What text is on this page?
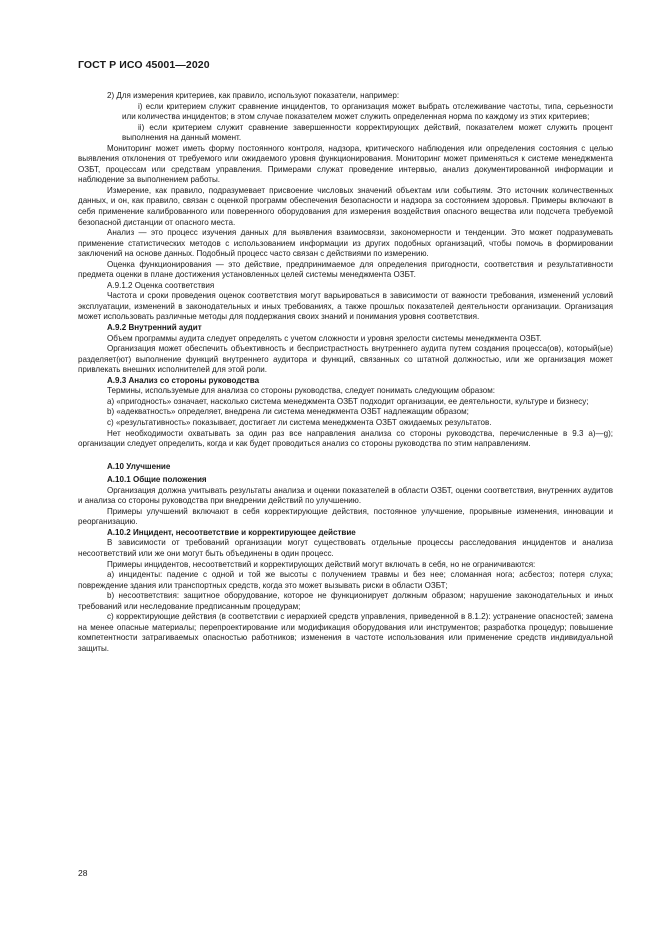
ГОСТ Р ИСО 45001—2020

2) Для измерения критериев, как правило, используют показатели, например:

i) если критерием служит сравнение инцидентов, то организация может выбрать отслеживание частоты, типа, серьезности или количества инцидентов; в этом случае показателем может служить определенная норма по каждому из этих критериев;

ii) если критерием служит сравнение завершенности корректирующих действий, показателем может служить процент выполнения на данный момент.

Мониторинг может иметь форму постоянного контроля, надзора, критического наблюдения или определения состояния с целью выявления отклонения от требуемого или ожидаемого уровня функционирования. Мониторинг может применяться к системе менеджмента ОЗБТ, процессам или средствам управления. Примерами служат проведение интервью, анализ документированной информации и наблюдение за выполнением работы.

Измерение, как правило, подразумевает присвоение числовых значений объектам или событиям. Это источник количественных данных, и он, как правило, связан с оценкой программ обеспечения безопасности и надзора за состоянием здоровья. Примеры включают в себя применение калиброванного или поверенного оборудования для измерения воздействия опасного вещества или подсчета требуемой безопасной дистанции от опасного места.

Анализ — это процесс изучения данных для выявления взаимосвязи, закономерности и тенденции. Это может подразумевать применение статистических методов с использованием информации из других подобных организаций, чтобы помочь в формировании заключений на основе данных. Подобный процесс часто связан с действиями по измерению.

Оценка функционирования — это действие, предпринимаемое для определения пригодности, соответствия и результативности предмета оценки в плане достижения установленных целей системы менеджмента ОЗБТ.

А.9.1.2 Оценка соответствия

Частота и сроки проведения оценок соответствия могут варьироваться в зависимости от важности требования, изменений условий эксплуатации, изменений в законодательных и иных требованиях, а также прошлых показателей деятельности организации. Организация может использовать различные методы для поддержания своих знаний и понимания уровня соответствия.

А.9.2 Внутренний аудит

Объем программы аудита следует определять с учетом сложности и уровня зрелости системы менеджмента ОЗБТ.

Организация может обеспечить объективность и беспристрастность внутреннего аудита путем создания процесса(ов), который(ые) разделяет(ют) выполнение функций внутреннего аудитора и функций, связанных со штатной должностью, или же организация может привлекать внешних исполнителей для этой роли.

А.9.3 Анализ со стороны руководства

Термины, используемые для анализа со стороны руководства, следует понимать следующим образом:

a) «пригодность» означает, насколько система менеджмента ОЗБТ подходит организации, ее деятельности, культуре и бизнесу;

b) «адекватность» определяет, внедрена ли система менеджмента ОЗБТ надлежащим образом;

c) «результативность» показывает, достигает ли система менеджмента ОЗБТ ожидаемых результатов.

Нет необходимости охватывать за один раз все направления анализа со стороны руководства, перечисленные в 9.3 a)—g); организации следует определить, когда и как будет проводиться анализ со стороны руководства по этим направлениям.

А.10 Улучшение
А.10.1 Общие положения

Организация должна учитывать результаты анализа и оценки показателей в области ОЗБТ, оценки соответствия, внутренних аудитов и анализа со стороны руководства при внедрении действий по улучшению.

Примеры улучшений включают в себя корректирующие действия, постоянное улучшение, прорывные изменения, инновации и реорганизацию.

А.10.2 Инцидент, несоответствие и корректирующее действие

В зависимости от требований организации могут существовать отдельные процессы расследования инцидентов и анализа несоответствий или же они могут быть объединены в один процесс.

Примеры инцидентов, несоответствий и корректирующих действий могут включать в себя, но не ограничиваются:

a) инциденты: падение с одной и той же высоты с получением травмы и без нее; сломанная нога; асбестоз; потеря слуха; повреждение здания или транспортных средств, когда это может вызывать риски в области ОЗБТ;

b) несоответствия: защитное оборудование, которое не функционирует должным образом; нарушение законодательных и иных требований или неследование предписанным процедурам;

c) корректирующие действия (в соответствии с иерархией средств управления, приведенной в 8.1.2): устранение опасностей; замена на менее опасные материалы; перепроектирование или модификация оборудования или инструментов; разработка процедур; повышение компетентности затрагиваемых опасностью работников; изменения в частоте использования или применение средств индивидуальной защиты.

28
